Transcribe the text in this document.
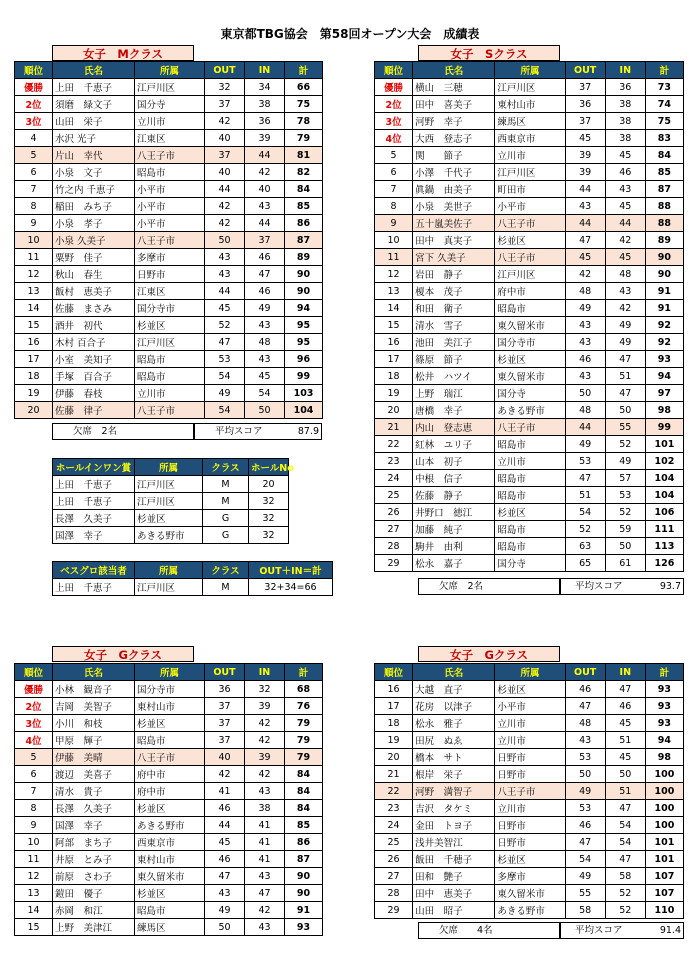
東京都TBG協会　第58回オープン大会　成績表
女子　Mクラス	女子　Sクラス
女子　Gクラス	女子　Gクラス
順位	氏名	所属	OUT	IN	計
優勝	上田　千恵子	江戸川区	32	34	66
2位	須磨　緑文子	国分寺	37	38	75
3位	山田　栄子	立川市	42	36	78
4	水沢 光子	江東区	40	39	79
5	片山　幸代	八王子市	37	44	81
6	小泉　文子	昭島市	40	42	82
7	竹之内 千恵子	小平市	44	40	84
8	稲田　みち子	小平市	42	43	85
9	小泉　孝子	小平市	42	44	86
10	小泉 久美子	八王子市	50	37	87
11	粟野　佳子	多摩市	43	46	89
12	秋山　春生	日野市	43	47	90
13	飯村　恵美子	江東区	44	46	90
14	佐藤　まさみ	国分寺市	45	49	94
15	酒井　初代	杉並区	52	43	95
16	木村 百合子	江戸川区	47	48	95
17	小室　美知子	昭島市	53	43	96
18	手塚　百合子	昭島市	54	45	99
19	伊藤　春枝	立川市	49	54	103
20	佐藤　律子	八王子市	54	50	104
順位	氏名	所属	OUT	IN	計
優勝	横山　三穂	江戸川区	37	36	73
2位	田中　喜美子	東村山市	36	38	74
3位	河野　幸子	練馬区	37	38	75
4位	大西　登志子	西東京市	45	38	83
5	関　　節子	立川市	39	45	84
6	小澤　千代子	江戸川区	39	46	85
7	眞鍋　由美子	町田市	44	43	87
8	小泉　美世子	小平市	43	45	88
9	五十嵐美佐子	八王子市	44	44	88
10	田中　真実子	杉並区	47	42	89
11	宮下 久美子	八王子市	45	45	90
12	岩田　静子	江戸川区	42	48	90
13	榎本　茂子	府中市	48	43	91
14	和田　衛子	昭島市	49	42	91
15	清水　雪子	東久留米市	43	49	92
16	池田　美江子	国分寺市	43	49	92
17	篠原　節子	杉並区	46	47	93
18	松井　ハツイ	東久留米市	43	51	94
19	上野　瑞江	国分寺	50	47	97
20	唐橋　幸子	あきる野市	48	50	98
21	内山　登志恵	八王子市	44	55	99
22	紅林　ユリ子	昭島市	49	52	101
23	山本　初子	立川市	53	49	102
24	中根　信子	昭島市	47	57	104
25	佐藤　静子	昭島市	51	53	104
26	井野口　徳江	杉並区	54	52	106
27	加藤　純子	昭島市	52	59	111
28	駒井　由利	昭島市	63	50	113
29	松永　嘉子	国分寺	65	61	126
順位	氏名	所属	OUT	IN	計
優勝	小林　観音子	国分寺市	36	32	68
2位	吉岡　美智子	東村山市	37	39	76
3位	小川　和枝	杉並区	37	42	79
4位	甲原　輝子	昭島市	37	42	79
5	伊藤　美晴	八王子市	40	39	79
6	渡辺　美喜子	府中市	42	42	84
7	清水　貴子	府中市	41	43	84
8	長澤　久美子	杉並区	46	38	84
9	国澤　幸子	あきる野市	44	41	85
10	阿部　まち子	西東京市	45	41	86
11	井原　とみ子	東村山市	46	41	87
12	前原　さわ子	東久留米市	47	43	90
13	鎧田　優子	杉並区	43	47	90
14	赤岡　和江	昭島市	49	42	91
15	上野　美津江	練馬区	50	43	93
順位	氏名	所属	OUT	IN	計
16	大越　直子	杉並区	46	47	93
17	花房　以津子	小平市	47	46	93
18	松永　雅子	立川市	48	45	93
19	田尻　ぬゑ	立川市	43	51	94
20	橋本　サト	日野市	53	45	98
21	根岸　栄子	日野市	50	50	100
22	河野　満智子	八王子市	49	51	100
23	吉沢　タケミ	立川市	53	47	100
24	金田　トヨ子	日野市	46	54	100
25	浅井美智江	日野市	47	54	101
26	飯田　千穂子	杉並区	54	47	101
27	田和　艶子	多摩市	49	58	107
28	田中　恵美子	東久留米市	55	52	107
29	山田　昭子	あきる野市	58	52	110
欠席　2名	平均スコア	87.9
欠席　2名	平均スコア	93.7
欠席　　4名	平均スコア	91.4
ホールインワン賞	所属	クラス	ホールNo
上田　千恵子	江戸川区	M	20
上田　千恵子	江戸川区	M	32
長澤　久美子	杉並区	G	32
国澤　幸子	あきる野市	G	32
ベスグロ該当者	所属	クラス	OUT＋IN＝計
上田　千恵子	江戸川区	M	32+34=66
